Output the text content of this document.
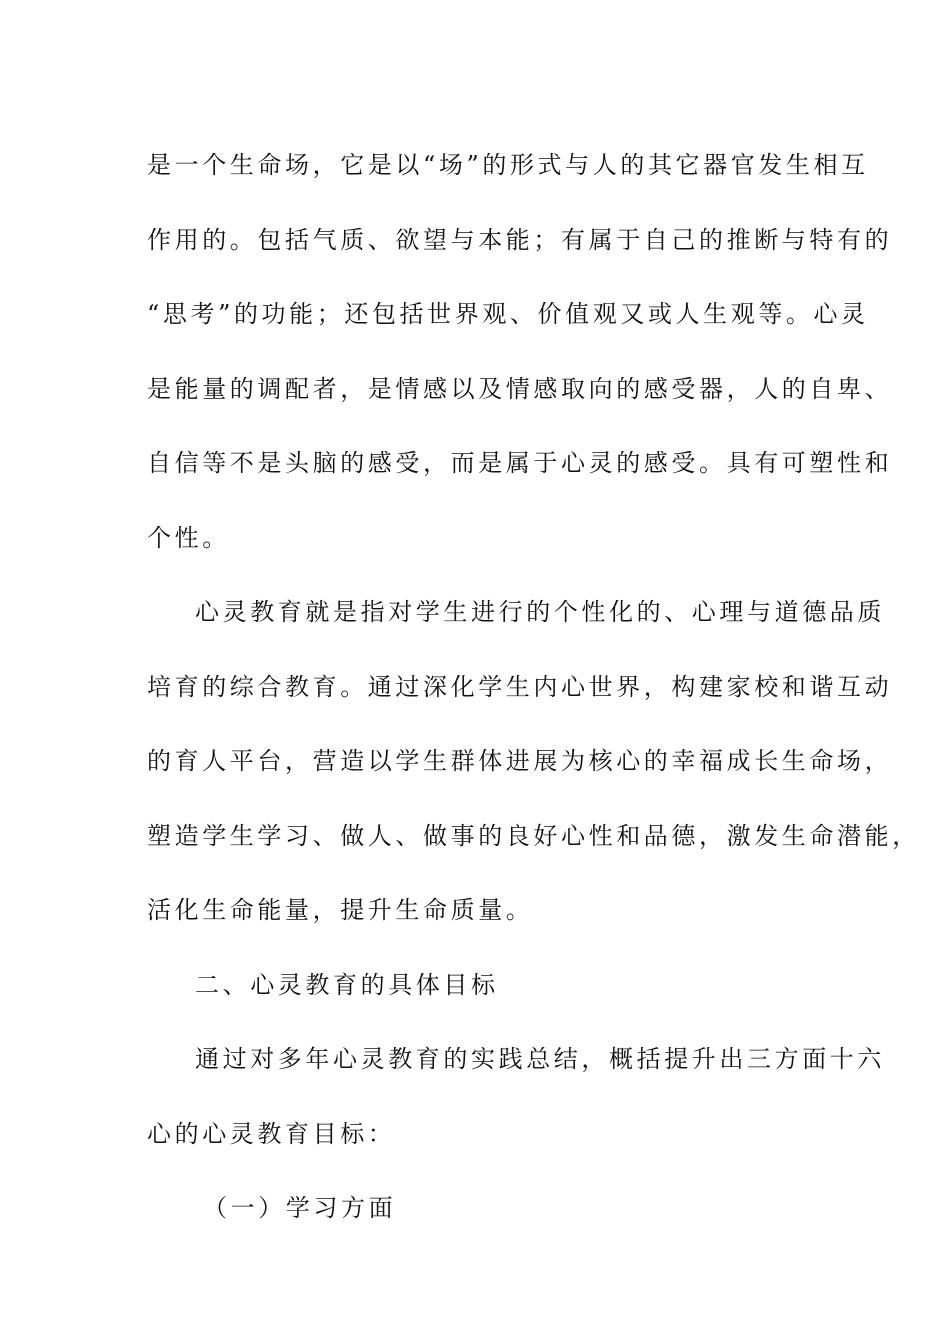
是一个生命场，它是以“场”的形式与人的其它器官发生相互
作用的。包括气质、欲望与本能；有属于自己的推断与特有的
“思考”的功能；还包括世界观、价值观又或人生观等。心灵
是能量的调配者，是情感以及情感取向的感受器，人的自卑、
自信等不是头脑的感受，而是属于心灵的感受。具有可塑性和
个性。
心灵教育就是指对学生进行的个性化的、心理与道德品质
培育的综合教育。通过深化学生内心世界，构建家校和谐互动
的育人平台，营造以学生群体进展为核心的幸福成长生命场，
塑造学生学习、做人、做事的良好心性和品德，激发生命潜能，
活化生命能量，提升生命质量。
二、心灵教育的具体目标
通过对多年心灵教育的实践总结，概括提升出三方面十六
心的心灵教育目标：
（一）学习方面
